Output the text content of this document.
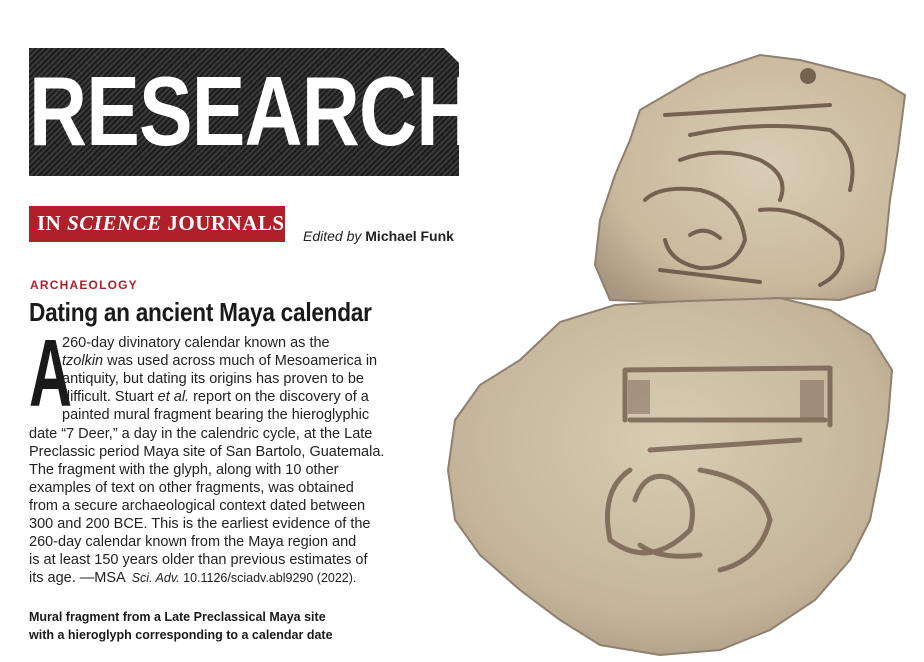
RESEARCH
IN SCIENCE JOURNALS
Edited by Michael Funk
ARCHAEOLOGY
Dating an ancient Maya calendar
A
260-day divinatory calendar known as the
tzolkin was used across much of Mesoamerica in
antiquity, but dating its origins has proven to be
difficult. Stuart et al. report on the discovery of a
painted mural fragment bearing the hieroglyphic
date “7 Deer,” a day in the calendric cycle, at the Late
Preclassic period Maya site of San Bartolo, Guatemala.
The fragment with the glyph, along with 10 other
examples of text on other fragments, was obtained
from a secure archaeological context dated between
300 and 200 BCE. This is the earliest evidence of the
260-day calendar known from the Maya region and
is at least 150 years older than previous estimates of
its age. —MSA Sci. Adv. 10.1126/sciadv.abl9290 (2022).
Mural fragment from a Late Preclassical Maya site
with a hieroglyph corresponding to a calendar date
